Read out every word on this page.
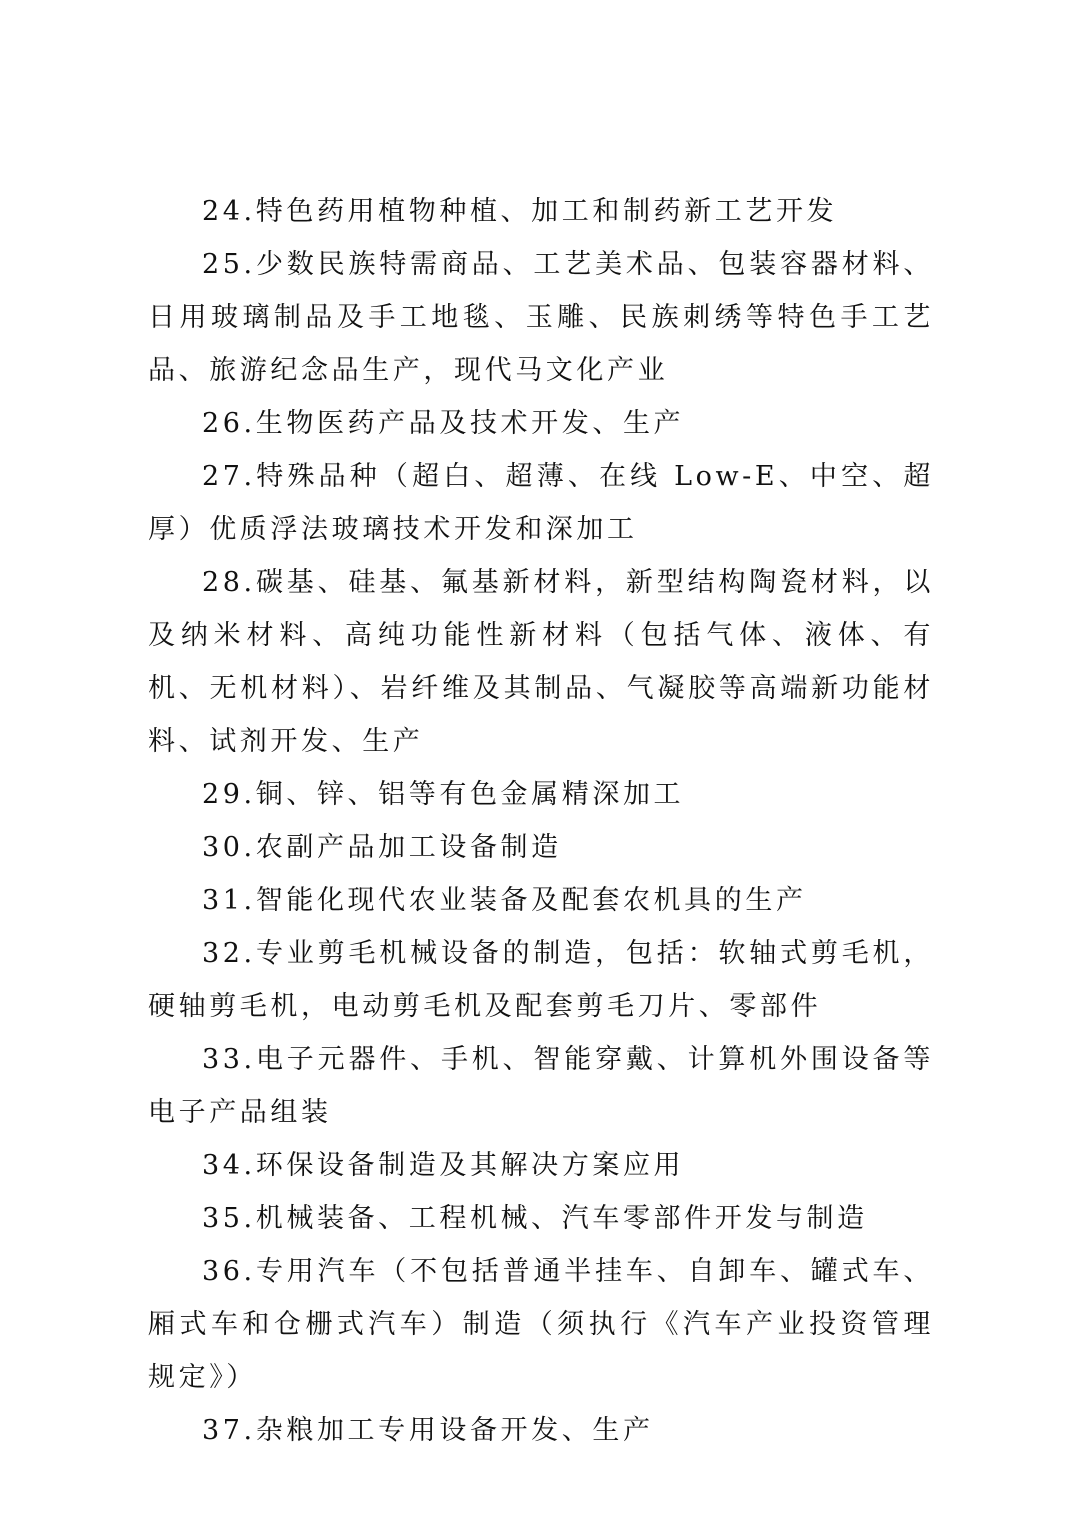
24.特色药用植物种植、加工和制药新工艺开发

25.少数民族特需商品、工艺美术品、包装容器材料、日用玻璃制品及手工地毯、玉雕、民族刺绣等特色手工艺品、旅游纪念品生产，现代马文化产业

26.生物医药产品及技术开发、生产

27.特殊品种（超白、超薄、在线 Low-E、中空、超厚）优质浮法玻璃技术开发和深加工

28.碳基、硅基、氟基新材料，新型结构陶瓷材料，以及纳米材料、高纯功能性新材料（包括气体、液体、有机、无机材料）、岩纤维及其制品、气凝胶等高端新功能材料、试剂开发、生产

29.铜、锌、铝等有色金属精深加工

30.农副产品加工设备制造

31.智能化现代农业装备及配套农机具的生产

32.专业剪毛机械设备的制造，包括：软轴式剪毛机，硬轴剪毛机，电动剪毛机及配套剪毛刀片、零部件

33.电子元器件、手机、智能穿戴、计算机外围设备等电子产品组装

34.环保设备制造及其解决方案应用

35.机械装备、工程机械、汽车零部件开发与制造

36.专用汽车（不包括普通半挂车、自卸车、罐式车、厢式车和仓栅式汽车）制造（须执行《汽车产业投资管理规定》）

37.杂粮加工专用设备开发、生产
